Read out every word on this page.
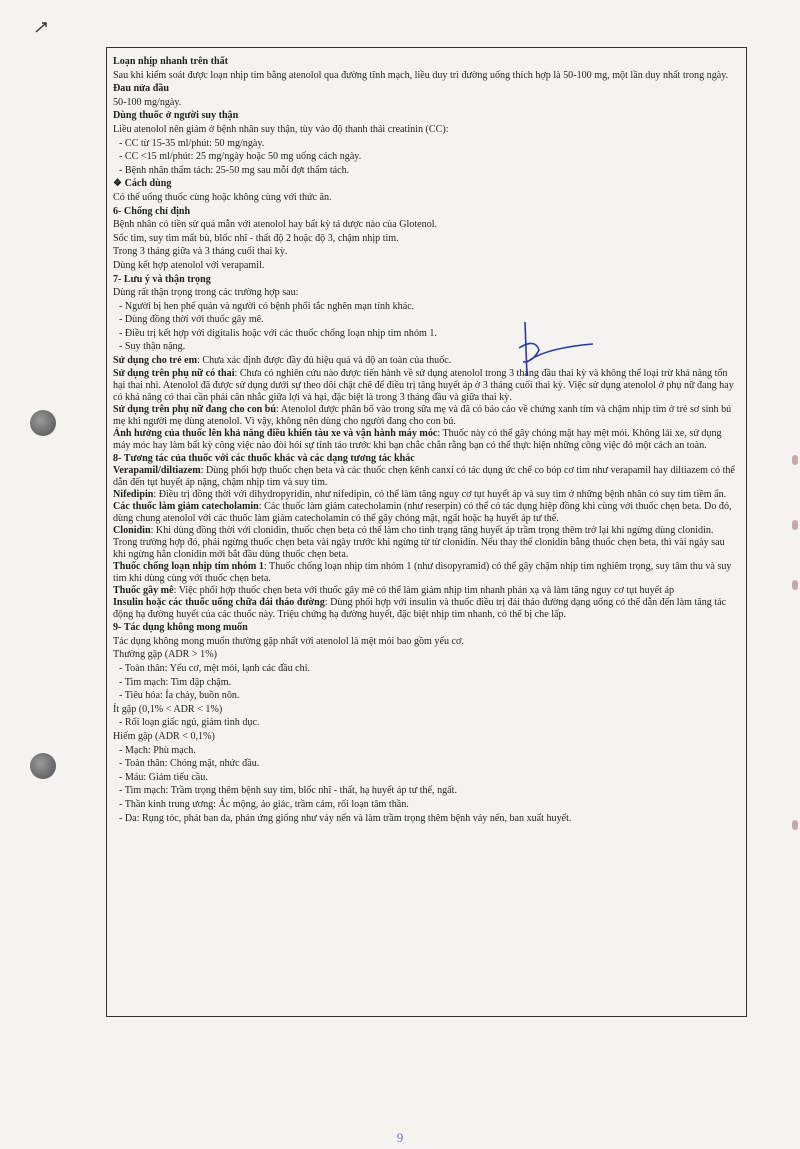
Loạn nhịp nhanh trên thất

Sau khi kiểm soát được loạn nhịp tim bằng atenolol qua đường tĩnh mạch, liều duy trì đường uống thích hợp là 50-100 mg, một lần duy nhất trong ngày.

Đau nửa đầu

50-100 mg/ngày.

Dùng thuốc ở người suy thận

Liều atenolol nên giảm ở bệnh nhân suy thận, tùy vào độ thanh thải creatinin (CC):

- CC từ 15-35 ml/phút: 50 mg/ngày.

- CC <15 ml/phút: 25 mg/ngày hoặc 50 mg uống cách ngày.

- Bệnh nhân thẩm tách: 25-50 mg sau mỗi đợt thẩm tách.

❖ Cách dùng

Có thể uống thuốc cùng hoặc không cùng với thức ăn.

6- Chống chỉ định

Bệnh nhân có tiền sử quá mẫn với atenolol hay bất kỳ tá dược nào của Glotenol.

Sốc tim, suy tim mất bù, blốc nhĩ - thất độ 2 hoặc độ 3, chậm nhịp tim.

Trong 3 tháng giữa và 3 tháng cuối thai kỳ.

Dùng kết hợp atenolol với verapamil.

7- Lưu ý và thận trọng

Dùng rất thận trọng trong các trường hợp sau:

- Người bị hen phế quản và người có bệnh phổi tắc nghẽn mạn tính khác.

- Dùng đồng thời với thuốc gây mê.

- Điều trị kết hợp với digitalis hoặc với các thuốc chống loạn nhịp tim nhóm 1.

- Suy thận nặng.

Sử dụng cho trẻ em: Chưa xác định được đầy đủ hiệu quả và độ an toàn của thuốc.

Sử dụng trên phụ nữ có thai: Chưa có nghiên cứu nào được tiến hành về sử dụng atenolol trong 3 tháng đầu thai kỳ và không thể loại trừ khả năng tổn hại thai nhi. Atenolol đã được sử dụng dưới sự theo dõi chặt chẽ để điều trị tăng huyết áp ở 3 tháng cuối thai kỳ. Việc sử dụng atenolol ở phụ nữ đang hay có khả năng có thai cần phải cân nhắc giữa lợi và hại, đặc biệt là trong 3 tháng đầu và giữa thai kỳ.

Sử dụng trên phụ nữ đang cho con bú: Atenolol được phân bố vào trong sữa mẹ và đã có báo cáo về chứng xanh tím và chậm nhịp tim ở trẻ sơ sinh bú mẹ khi người mẹ dùng atenolol. Vì vậy, không nên dùng cho người đang cho con bú.

Ảnh hưởng của thuốc lên khả năng điều khiển tàu xe và vận hành máy móc: Thuốc này có thể gây chóng mặt hay mệt mỏi. Không lái xe, sử dụng máy móc hay làm bất kỳ công việc nào đòi hỏi sự tỉnh táo trước khi bạn chắc chắn rằng bạn có thể thực hiện những công việc đó một cách an toàn.

8- Tương tác của thuốc với các thuốc khác và các dạng tương tác khác

Verapamil/diltiazem: Dùng phối hợp thuốc chẹn beta và các thuốc chẹn kênh canxi có tác dụng ức chế co bóp cơ tim như verapamil hay diltiazem có thể dẫn đến tụt huyết áp nặng, chậm nhịp tim và suy tim.

Nifedipin: Điều trị đồng thời với dihydropyridin, như nifedipin, có thể làm tăng nguy cơ tụt huyết áp và suy tim ở những bệnh nhân có suy tim tiềm ẩn.

Các thuốc làm giảm catecholamin: Các thuốc làm giảm catecholamin (như reserpin) có thể có tác dụng hiệp đồng khi cùng với thuốc chẹn beta. Do đó, dùng chung atenolol với các thuốc làm giảm catecholamin có thể gây chóng mặt, ngất hoặc hạ huyết áp tư thế.

Clonidin: Khi dùng đồng thời với clonidin, thuốc chẹn beta có thể làm cho tình trạng tăng huyết áp trầm trọng thêm trở lại khi ngừng dùng clonidin. Trong trường hợp đó, phải ngừng thuốc chẹn beta vài ngày trước khi ngừng từ từ clonidin. Nếu thay thế clonidin bằng thuốc chẹn beta, thì vài ngày sau khi ngừng hẳn clonidin mới bắt đầu dùng thuốc chẹn beta.

Thuốc chống loạn nhịp tim nhóm 1: Thuốc chống loạn nhịp tim nhóm 1 (như disopyramid) có thể gây chậm nhịp tim nghiêm trọng, suy tâm thu và suy tim khi dùng cùng với thuốc chẹn beta.

Thuốc gây mê: Việc phối hợp thuốc chẹn beta với thuốc gây mê có thể làm giảm nhịp tim nhanh phản xạ và làm tăng nguy cơ tụt huyết áp

Insulin hoặc các thuốc uống chữa đái tháo đường: Dùng phối hợp với insulin và thuốc điều trị đái tháo đường dạng uống có thể dẫn đến làm tăng tác động hạ đường huyết của các thuốc này. Triệu chứng hạ đường huyết, đặc biệt nhịp tim nhanh, có thể bị che lấp.

9- Tác dụng không mong muốn

Tác dụng không mong muốn thường gặp nhất với atenolol là mệt mỏi bao gồm yếu cơ.

Thường gặp (ADR > 1%)

- Toàn thân: Yếu cơ, mệt mỏi, lạnh các đầu chi.

- Tim mạch: Tim đập chậm.

- Tiêu hóa: Ỉa chảy, buồn nôn.

Ít gặp (0,1% < ADR < 1%)

- Rối loạn giấc ngủ, giảm tình dục.

Hiếm gặp (ADR < 0,1%)

- Mạch: Phù mạch.

- Toàn thân: Chóng mặt, nhức đầu.

- Máu: Giảm tiểu cầu.

- Tim mạch: Trầm trọng thêm bệnh suy tim, blốc nhĩ - thất, hạ huyết áp tư thế, ngất.

- Thần kinh trung ương: Ác mộng, ảo giác, trầm cảm, rối loạn tâm thần.

- Da: Rụng tóc, phát ban da, phản ứng giống như vảy nến và làm trầm trọng thêm bệnh vảy nến, ban xuất huyết.

9
